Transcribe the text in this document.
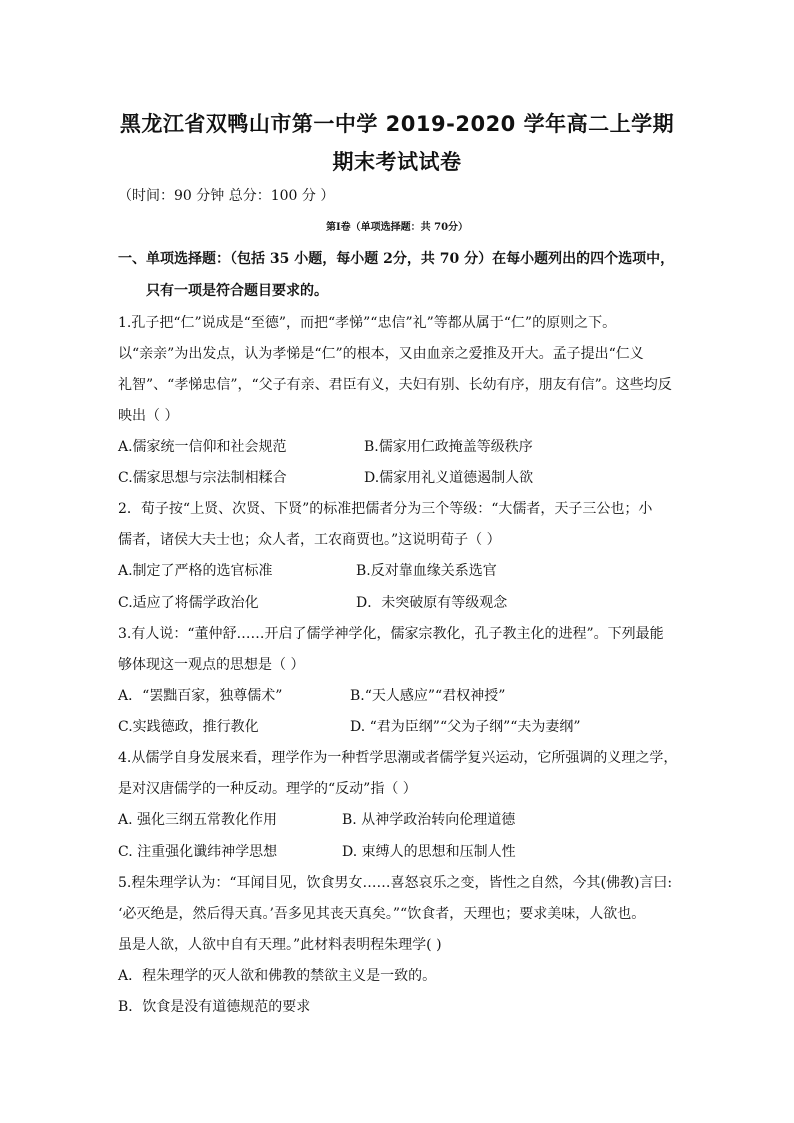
黑龙江省双鸭山市第一中学 2019-2020 学年高二上学期
期末考试试卷
（时间：90 分钟 总分：100 分 ）
第Ⅰ卷（单项选择题：共 70分）
一、单项选择题：（包括 35 小题，每小题 2分，共 70 分）在每小题列出的四个选项中，
只有一项是符合题目要求的。
1.孔子把“仁”说成是“至德”，而把“孝悌”“忠信”礼”等都从属于“仁”的原则之下。
以“亲亲”为出发点，认为孝悌是“仁”的根本，又由血亲之爱推及开大。孟子提出“仁义
礼智”、“孝悌忠信”，“父子有亲、君臣有义，夫妇有别、长幼有序，朋友有信”。这些均反
映出（ ）
A.儒家统一信仰和社会规范	B.儒家用仁政掩盖等级秩序
C.儒家思想与宗法制相糅合	D.儒家用礼义道德遏制人欲
2．荀子按“上贤、次贤、下贤”的标准把儒者分为三个等级：“大儒者，天子三公也；小
儒者，诸侯大夫士也；众人者，工农商贾也。”这说明荀子（ ）
A.制定了严格的选官标准	B.反对靠血缘关系选官
C.适应了将儒学政治化	D．未突破原有等级观念
3.有人说：“董仲舒……开启了儒学神学化，儒家宗教化，孔子教主化的进程”。下列最能
够体现这一观点的思想是（ ）
A．“罢黜百家，独尊儒术”	B.“天人感应”“君权神授”
C.实践德政，推行教化	D. “君为臣纲”“父为子纲”“夫为妻纲”
4.从儒学自身发展来看，理学作为一种哲学思潮或者儒学复兴运动，它所强调的义理之学，
是对汉唐儒学的一种反动。理学的“反动”指（ ）
A. 强化三纲五常教化作用	B. 从神学政治转向伦理道德
C. 注重强化谶纬神学思想	D. 束缚人的思想和压制人性
5.程朱理学认为：“耳闻目见，饮食男女……喜怒哀乐之变，皆性之自然，今其(佛教)言曰:
‘必灭绝是，然后得天真。’吾多见其丧天真矣。”“饮食者，天理也；要求美味，人欲也。
虽是人欲，人欲中自有天理。”此材料表明程朱理学( )
A．程朱理学的灭人欲和佛教的禁欲主义是一致的。
B．饮食是没有道德规范的要求
